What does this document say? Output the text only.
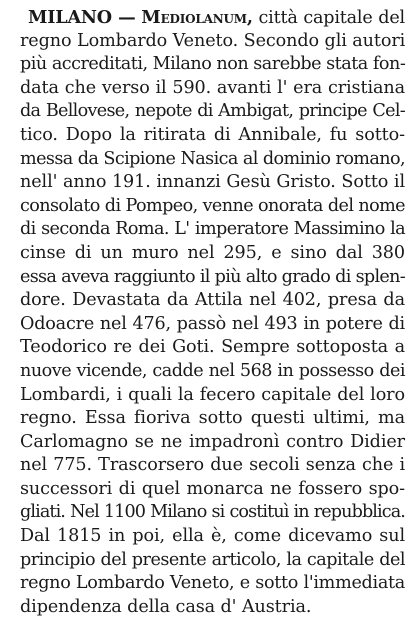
MILANO — Mediolanum, città capitale del
regno Lombardo Veneto. Secondo gli autori
più accreditati, Milano non sarebbe stata fon-
data che verso il 590. avanti l' era cristiana
da Bellovese, nepote di Ambigat, principe Cel-
tico. Dopo la ritirata di Annibale, fu sotto-
messa da Scipione Nasica al dominio romano,
nell' anno 191. innanzi Gesù Gristo. Sotto il
consolato di Pompeo, venne onorata del nome
di seconda Roma. L' imperatore Massimino la
cinse di un muro nel 295, e sino dal 380
essa aveva raggiunto il più alto grado di splen-
dore. Devastata da Attila nel 402, presa da
Odoacre nel 476, passò nel 493 in potere di
Teodorico re dei Goti. Sempre sottoposta a
nuove vicende, cadde nel 568 in possesso dei
Lombardi, i quali la fecero capitale del loro
regno. Essa fioriva sotto questi ultimi, ma
Carlomagno se ne impadronì contro Didier
nel 775. Trascorsero due secoli senza che i
successori di quel monarca ne fossero spo-
gliati. Nel 1100 Milano si costituì in repubblica.
Dal 1815 in poi, ella è, come dicevamo sul
principio del presente articolo, la capitale del
regno Lombardo Veneto, e sotto l'immediata
dipendenza della casa d' Austria.
